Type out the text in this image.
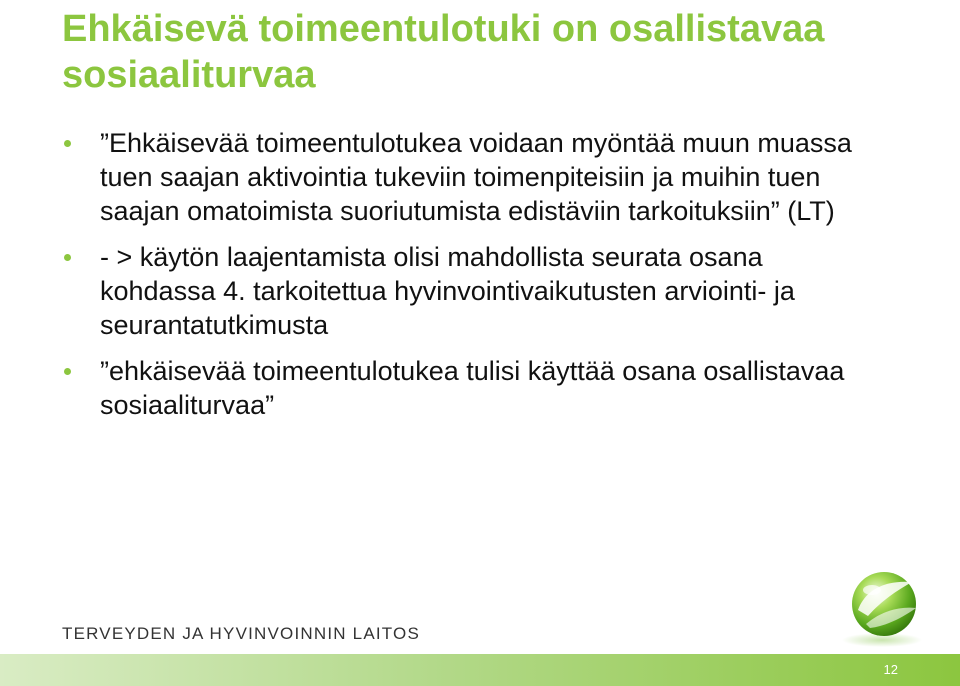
Ehkäisevä toimeentulotuki on osallistavaa sosiaaliturvaa
”Ehkäisevää toimeentulotukea voidaan myöntää muun muassa tuen saajan aktivointia tukeviin toimenpiteisiin ja muihin tuen saajan omatoimista suoriutumista edistäviin tarkoituksiin” (LT)
- > käytön laajentamista olisi mahdollista seurata osana kohdassa 4. tarkoitettua hyvinvointivaikutusten arviointi- ja seurantatutkimusta
”ehkäisevää toimeentulotukea tulisi käyttää osana osallistavaa sosiaaliturvaa”
TERVEYDEN JA HYVINVOINNIN LAITOS
12
